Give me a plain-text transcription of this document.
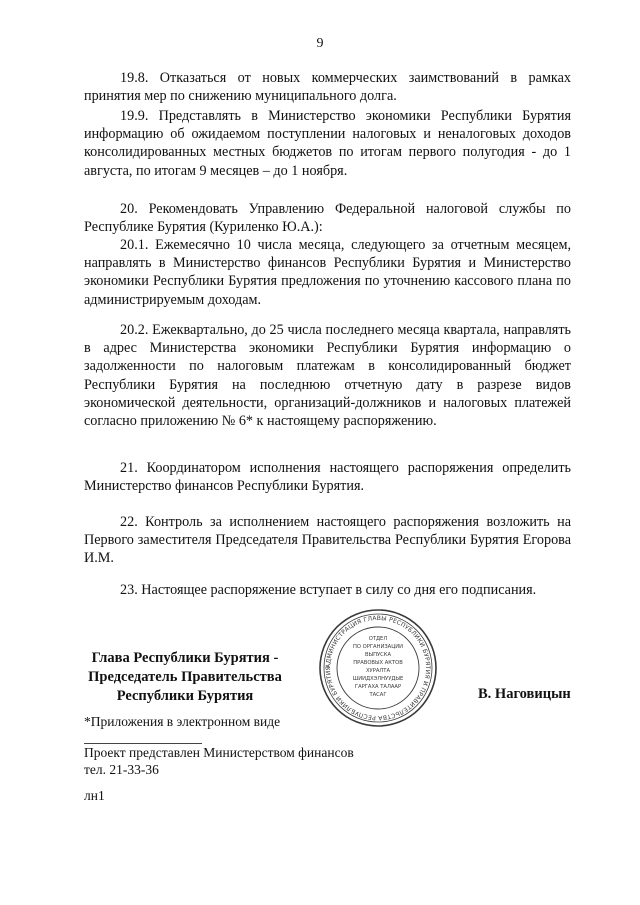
9

19.8. Отказаться от новых коммерческих заимствований в рамках принятия мер по снижению муниципального долга.

19.9. Представлять в Министерство экономики Республики Бурятия информацию об ожидаемом поступлении налоговых и неналоговых доходов консолидированных местных бюджетов по итогам первого полугодия - до 1 августа, по итогам 9 месяцев – до 1 ноября.

20. Рекомендовать Управлению Федеральной налоговой службы по Республике Бурятия (Куриленко Ю.А.):

20.1. Ежемесячно 10 числа месяца, следующего за отчетным месяцем, направлять в Министерство финансов Республики Бурятия и Министерство экономики Республики Бурятия предложения по уточнению кассового плана по администрируемым доходам.

20.2. Ежеквартально, до 25 числа последнего месяца квартала, направлять в адрес Министерства экономики Республики Бурятия информацию о задолженности по налоговым платежам в консолидированный бюджет Республики Бурятия на последнюю отчетную дату в разрезе видов экономической деятельности, организаций-должников и налоговых платежей согласно приложению № 6* к настоящему распоряжению.

21. Координатором исполнения настоящего распоряжения определить Министерство финансов Республики Бурятия.

22. Контроль за исполнением настоящего распоряжения возложить на Первого заместителя Председателя Правительства Республики Бурятия Егорова И.М.

23. Настоящее распоряжение вступает в силу со дня его подписания.

Глава Республики Бурятия -
Председатель Правительства
Республики Бурятия
АДМИНИСТРАЦИЯ ГЛАВЫ РЕСПУБЛИКИ БУРЯТИЯ И ПРАВИТЕЛЬСТВА РЕСПУБЛИКИ БУРЯТИЯ
ОТДЕЛ
ПО ОРГАНИЗАЦИИ
ВЫПУСКА
ПРАВОВЫХ АКТОВ
ХУРАЛТА
ШИИДХЭЛНУУДЫЕ
ГАРГАХА ТАЛААР
ТАСАГ	В. Наговицын
*Приложения в электронном виде
Проект представлен Министерством финансов
тел. 21-33-36
лн1
